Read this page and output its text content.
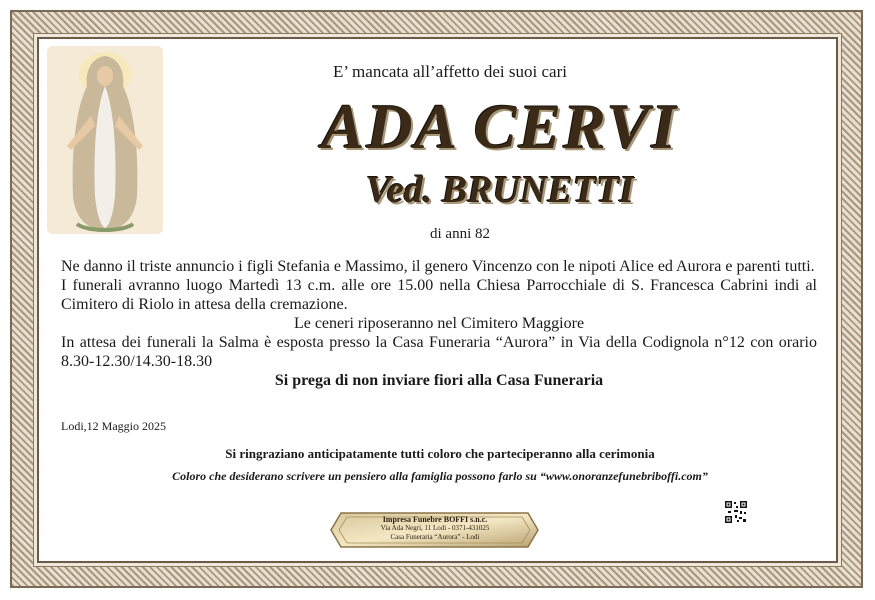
E’ mancata all’affetto dei suoi cari
ADA CERVI
Ved. BRUNETTI
di anni 82

Ne danno il triste annuncio i figli Stefania e Massimo, il genero Vincenzo con le nipoti Alice ed Aurora e parenti tutti.

I funerali avranno luogo Martedì 13 c.m. alle ore 15.00 nella Chiesa Parrocchiale di S. Francesca Cabrini indi al Cimitero di Riolo in attesa della cremazione.

Le ceneri riposeranno nel Cimitero Maggiore

In attesa dei funerali la Salma è esposta presso la Casa Funeraria “Aurora” in Via della Codignola n°12 con orario 8.30-12.30/14.30-18.30

Si prega di non inviare fiori alla Casa Funeraria

Lodi,12 Maggio 2025
Si ringraziano anticipatamente tutti coloro che parteciperanno alla cerimonia
Coloro che desiderano scrivere un pensiero alla famiglia possono farlo su “www.onoranzefunebriboffi.com”
Impresa Funebre BOFFI s.n.c.
Via Ada Negri, 11 Lodi - 0371-431025
Casa Funeraria “Aurora” - Lodi
